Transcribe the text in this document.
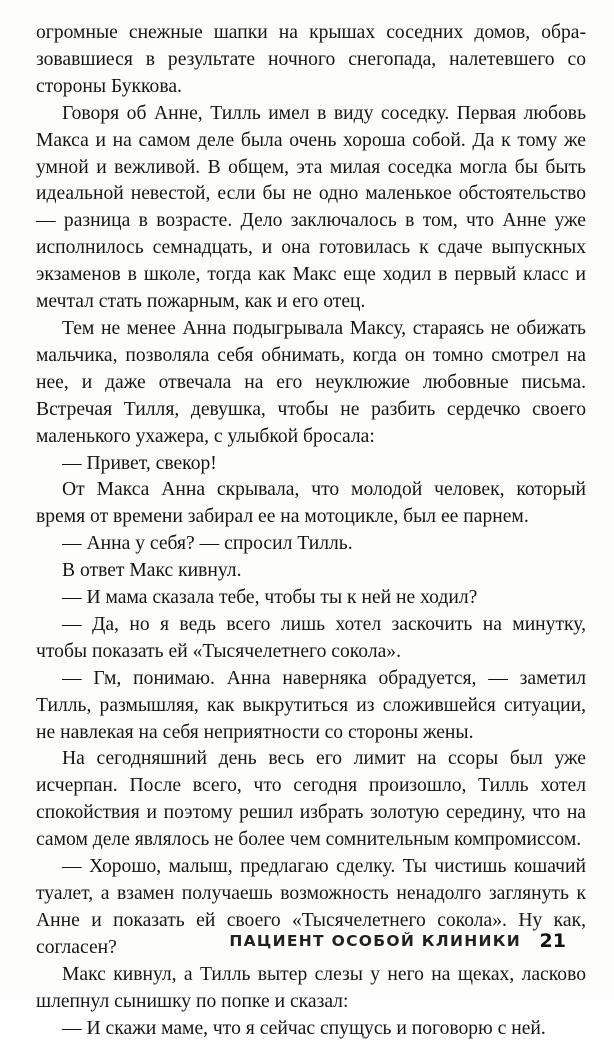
огромные снежные шапки на крышах соседних домов, образовавшиеся в результате ночного снегопада, налетевшего со стороны Буккова.

Говоря об Анне, Тилль имел в виду соседку. Первая любовь Макса и на самом деле была очень хороша собой. Да к тому же умной и вежливой. В общем, эта милая соседка могла бы быть идеальной невестой, если бы не одно маленькое обстоятельство — разница в возрасте. Дело заключалось в том, что Анне уже исполнилось семнадцать, и она готовилась к сдаче выпускных экзаменов в школе, тогда как Макс еще ходил в первый класс и мечтал стать пожарным, как и его отец.

Тем не менее Анна подыгрывала Максу, стараясь не обижать мальчика, позволяла себя обнимать, когда он томно смотрел на нее, и даже отвечала на его неуклюжие любовные письма. Встречая Тилля, девушка, чтобы не разбить сердечко своего маленького ухажера, с улыбкой бросала:

— Привет, свекор!

От Макса Анна скрывала, что молодой человек, который время от времени забирал ее на мотоцикле, был ее парнем.

— Анна у себя? — спросил Тилль.

В ответ Макс кивнул.

— И мама сказала тебе, чтобы ты к ней не ходил?

— Да, но я ведь всего лишь хотел заскочить на минутку, чтобы показать ей «Тысячелетнего сокола».

— Гм, понимаю. Анна наверняка обрадуется, — заметил Тилль, размышляя, как выкрутиться из сложившейся ситуации, не навлекая на себя неприятности со стороны жены.

На сегодняшний день весь его лимит на ссоры был уже исчерпан. После всего, что сегодня произошло, Тилль хотел спокойствия и поэтому решил избрать золотую середину, что на самом деле являлось не более чем сомнительным компромиссом.

— Хорошо, малыш, предлагаю сделку. Ты чистишь кошачий туалет, а взамен получаешь возможность ненадолго заглянуть к Анне и показать ей своего «Тысячелетнего сокола». Ну как, согласен?

Макс кивнул, а Тилль вытер слезы у него на щеках, ласково шлепнул сынишку по попке и сказал:

— И скажи маме, что я сейчас спущусь и поговорю с ней.

ПАЦИЕНТ ОСОБОЙ КЛИНИКИ 21
